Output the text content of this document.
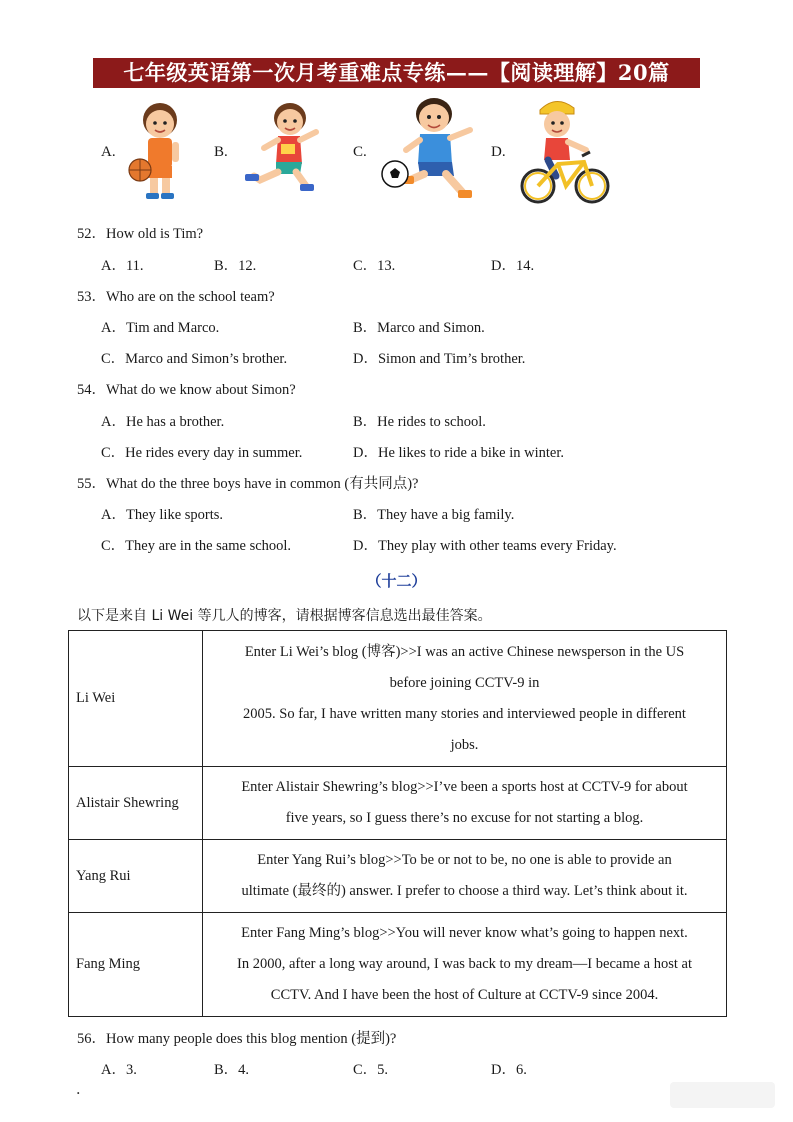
七年级英语第一次月考重难点专练——【阅读理解】20篇
A.	B.	C.	D.
52．How old is Tim?
A．11.	B．12.	C．13.	D．14.
53．Who are on the school team?
A．Tim and Marco.	B．Marco and Simon.
C．Marco and Simon’s brother.	D．Simon and Tim’s brother.
54．What do we know about Simon?
A．He has a brother.	B．He rides to school.
C．He rides every day in summer.	D．He likes to ride a bike in winter.
55．What do the three boys have in common (有共同点)?
A．They like sports.	B．They have a big family.
C．They are in the same school.	D．They play with other teams every Friday.
（十二）
以下是来自 Li Wei 等几人的博客，请根据博客信息选出最佳答案。
Li Wei	Enter Li Wei’s blog (博客)>>I was an active Chinese newsperson in the US
before joining CCTV-9 in
2005. So far, I have written many stories and interviewed people in different
jobs.

Alistair Shewring	Enter Alistair Shewring’s blog>>I’ve been a sports host at CCTV-9 for about
five years, so I guess there’s no excuse for not starting a blog.

Yang Rui	Enter Yang Rui’s blog>>To be or not to be, no one is able to provide an
ultimate (最终的) answer. I prefer to choose a third way. Let’s think about it.

Fang Ming	Enter Fang Ming’s blog>>You will never know what’s going to happen next.
In 2000, after a long way around, I was back to my dream—I became a host at
CCTV. And I have been the host of Culture at CCTV-9 since 2004.
56．How many people does this blog mention (提到)?
A．3.	B．4.	C．5.	D．6.
．
